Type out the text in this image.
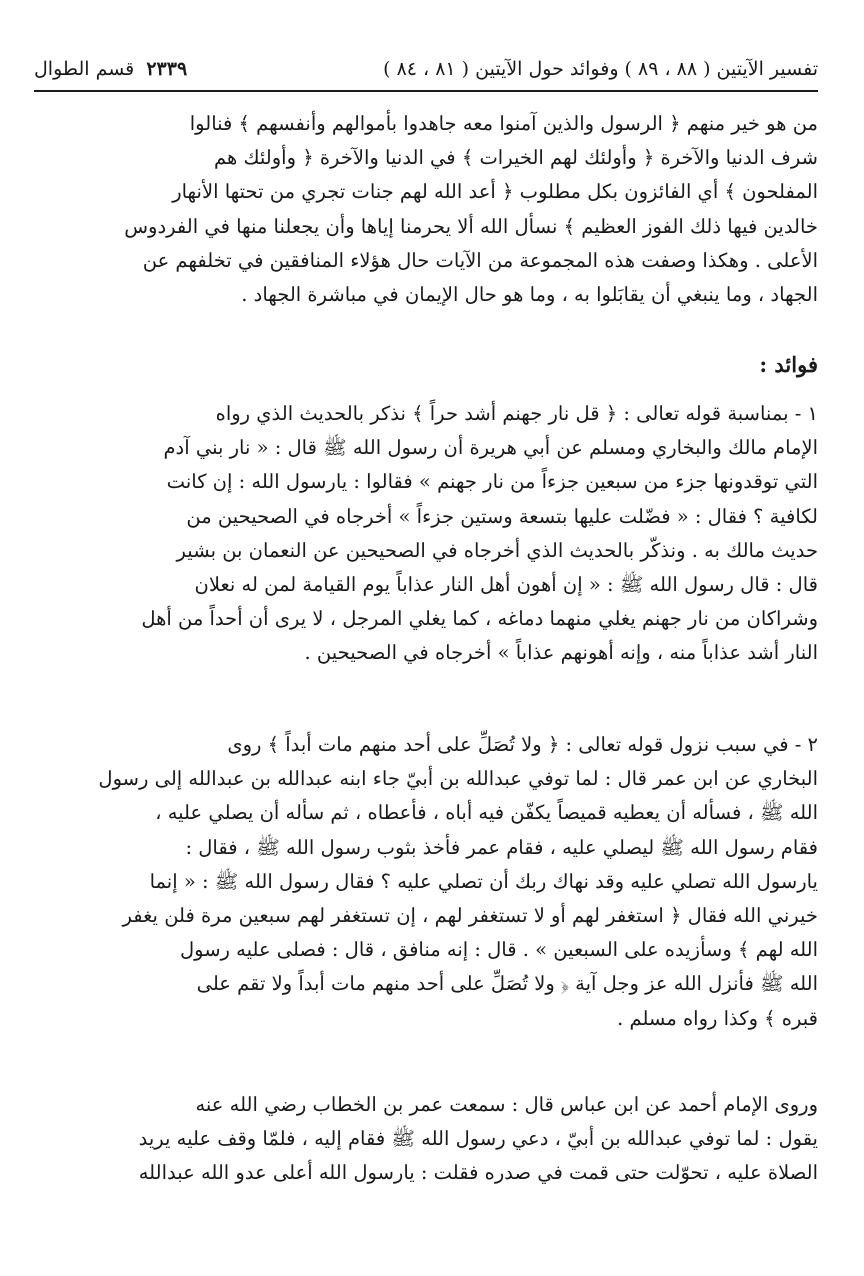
تفسير الآيتين ( ٨٨ ، ٨٩ ) وفوائد حول الآيتين ( ٨١ ، ٨٤ )
٢٣٣٩ قسم الطوال
من هو خير منهم ﴿ الرسول والذين آمنوا معه جاهدوا بأموالهم وأنفسهم ﴾ فنالوا
شرف الدنيا والآخرة ﴿ وأولئك لهم الخيرات ﴾ في الدنيا والآخرة ﴿ وأولئك هم
المفلحون ﴾ أي الفائزون بكل مطلوب ﴿ أعد الله لهم جنات تجري من تحتها الأنهار
خالدين فيها ذلك الفوز العظيم ﴾ نسأل الله ألا يحرمنا إياها وأن يجعلنا منها في الفردوس
الأعلى . وهكذا وصفت هذه المجموعة من الآيات حال هؤلاء المنافقين في تخلفهم عن
الجهاد ، وما ينبغي أن يقابَلوا به ، وما هو حال الإيمان في مباشرة الجهاد .
فوائد :
١ - بمناسبة قوله تعالى : ﴿ قل نار جهنم أشد حراً ﴾ نذكر بالحديث الذي رواه
الإمام مالك والبخاري ومسلم عن أبي هريرة أن رسول الله ﷺ قال : « نار بني آدم
التي توقدونها جزء من سبعين جزءاً من نار جهنم » فقالوا : يارسول الله : إن كانت
لكافية ؟ فقال : « فضّلت عليها بتسعة وستين جزءاً » أخرجاه في الصحيحين من
حديث مالك به . ونذكّر بالحديث الذي أخرجاه في الصحيحين عن النعمان بن بشير
قال : قال رسول الله ﷺ : « إن أهون أهل النار عذاباً يوم القيامة لمن له نعلان
وشراكان من نار جهنم يغلي منهما دماغه ، كما يغلي المرجل ، لا يرى أن أحداً من أهل
النار أشد عذاباً منه ، وإنه أهونهم عذاباً » أخرجاه في الصحيحين .
٢ - في سبب نزول قوله تعالى : ﴿ ولا تُصَلِّ على أحد منهم مات أبداً ﴾ روى
البخاري عن ابن عمر قال : لما توفي عبدالله بن أبيّ جاء ابنه عبدالله بن عبدالله إلى رسول
الله ﷺ ، فسأله أن يعطيه قميصاً يكفّن فيه أباه ، فأعطاه ، ثم سأله أن يصلي عليه ،
فقام رسول الله ﷺ ليصلي عليه ، فقام عمر فأخذ بثوب رسول الله ﷺ ، فقال :
يارسول الله تصلي عليه وقد نهاك ربك أن تصلي عليه ؟ فقال رسول الله ﷺ : « إنما
خيرني الله فقال ﴿ استغفر لهم أو لا تستغفر لهم ، إن تستغفر لهم سبعين مرة فلن يغفر
الله لهم ﴾ وسأزيده على السبعين » . قال : إنه منافق ، قال : فصلى عليه رسول
الله ﷺ فأنزل الله عز وجل آية ﴿ ولا تُصَلِّ على أحد منهم مات أبداً ولا تقم على
قبره ﴾ وكذا رواه مسلم .
وروى الإمام أحمد عن ابن عباس قال : سمعت عمر بن الخطاب رضي الله عنه
يقول : لما توفي عبدالله بن أبيّ ، دعي رسول الله ﷺ فقام إليه ، فلمّا وقف عليه يريد
الصلاة عليه ، تحوّلت حتى قمت في صدره فقلت : يارسول الله أعلى عدو الله عبدالله
